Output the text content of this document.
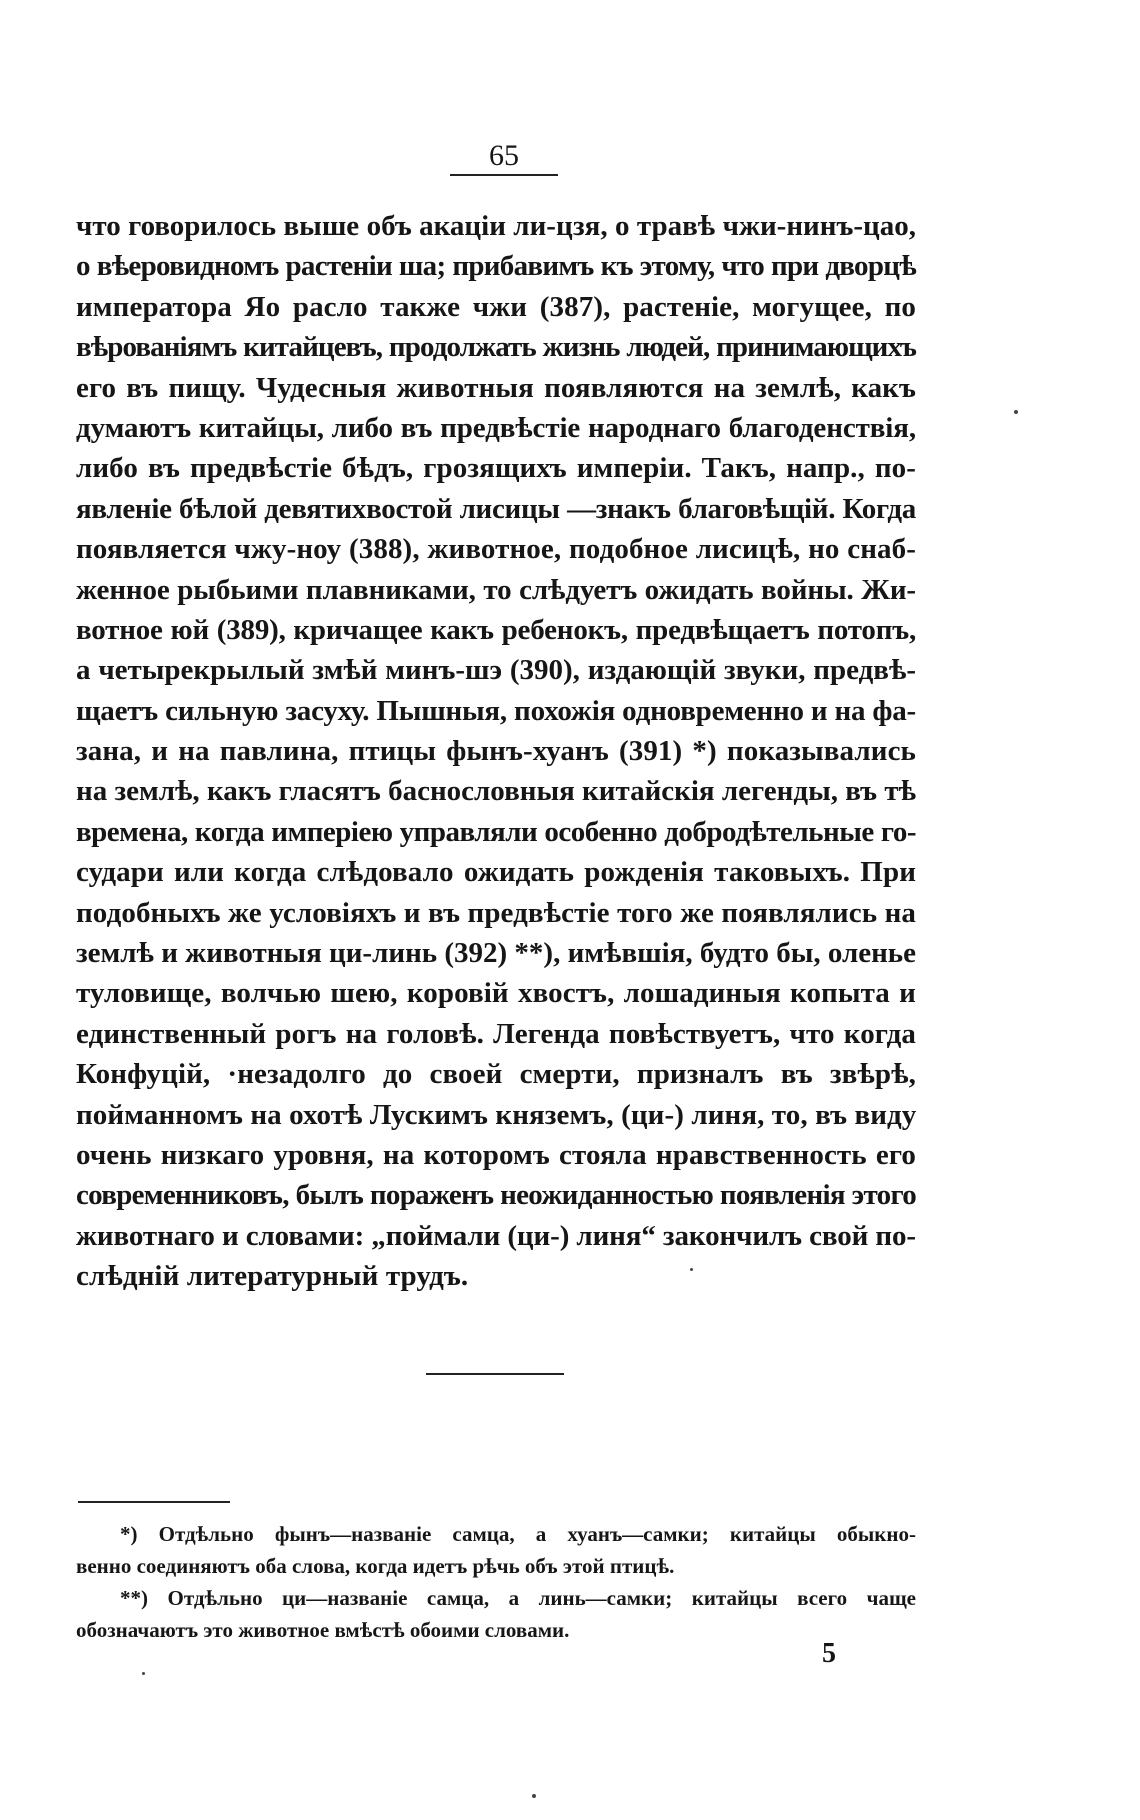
65
что говорилось выше объ акаціи ли-цзя, о травѣ чжи-нинъ-цао,
о вѣеровидномъ растеніи ша; прибавимъ къ этому, что при дворцѣ
императора Яо расло также чжи (387), растеніе, могущее, по
вѣрованіямъ китайцевъ, продолжать жизнь людей, принимающихъ
его въ пищу. Чудесныя животныя появляются на землѣ, какъ
думаютъ китайцы, либо въ предвѣстіе народнаго благоденствія,
либо въ предвѣстіе бѣдъ, грозящихъ имперіи. Такъ, напр., по-
явленіе бѣлой девятихвостой лисицы —знакъ благовѣщій. Когда
появляется чжу-ноу (388), животное, подобное лисицѣ, но снаб-
женное рыбьими плавниками, то слѣдуетъ ожидать войны. Жи-
вотное юй (389), кричащее какъ ребенокъ, предвѣщаетъ потопъ,
а четырекрылый змѣй минъ-шэ (390), издающій звуки, предвѣ-
щаетъ сильную засуху. Пышныя, похожія одновременно и на фа-
зана, и на павлина, птицы фынъ-хуанъ (391) *) показывались
на землѣ, какъ гласятъ баснословныя китайскія легенды, въ тѣ
времена, когда имперіею управляли особенно добродѣтельные го-
судари или когда слѣдовало ожидать рожденія таковыхъ. При
подобныхъ же условіяхъ и въ предвѣстіе того же появлялись на
землѣ и животныя ци-линь (392) **), имѣвшія, будто бы, оленье
туловище, волчью шею, коровій хвостъ, лошадиныя копыта и
единственный рогъ на головѣ. Легенда повѣствуетъ, что когда
Конфуцій, ·незадолго до своей смерти, призналъ въ звѣрѣ,
пойманномъ на охотѣ Лускимъ княземъ, (ци-) линя, то, въ виду
очень низкаго уровня, на которомъ стояла нравственность его
современниковъ, былъ пораженъ неожиданностью появленія этого
животнаго и словами: „поймали (ци-) линя“ закончилъ свой по-
слѣдній литературный трудъ.
*) Отдѣльно фынъ—названіе самца, а хуанъ—самки; китайцы обыкно-
венно соединяютъ оба слова, когда идетъ рѣчь объ этой птицѣ.
**) Отдѣльно ци—названіе самца, а линь—самки; китайцы всего чаще
обозначаютъ это животное вмѣстѣ обоими словами.
5
